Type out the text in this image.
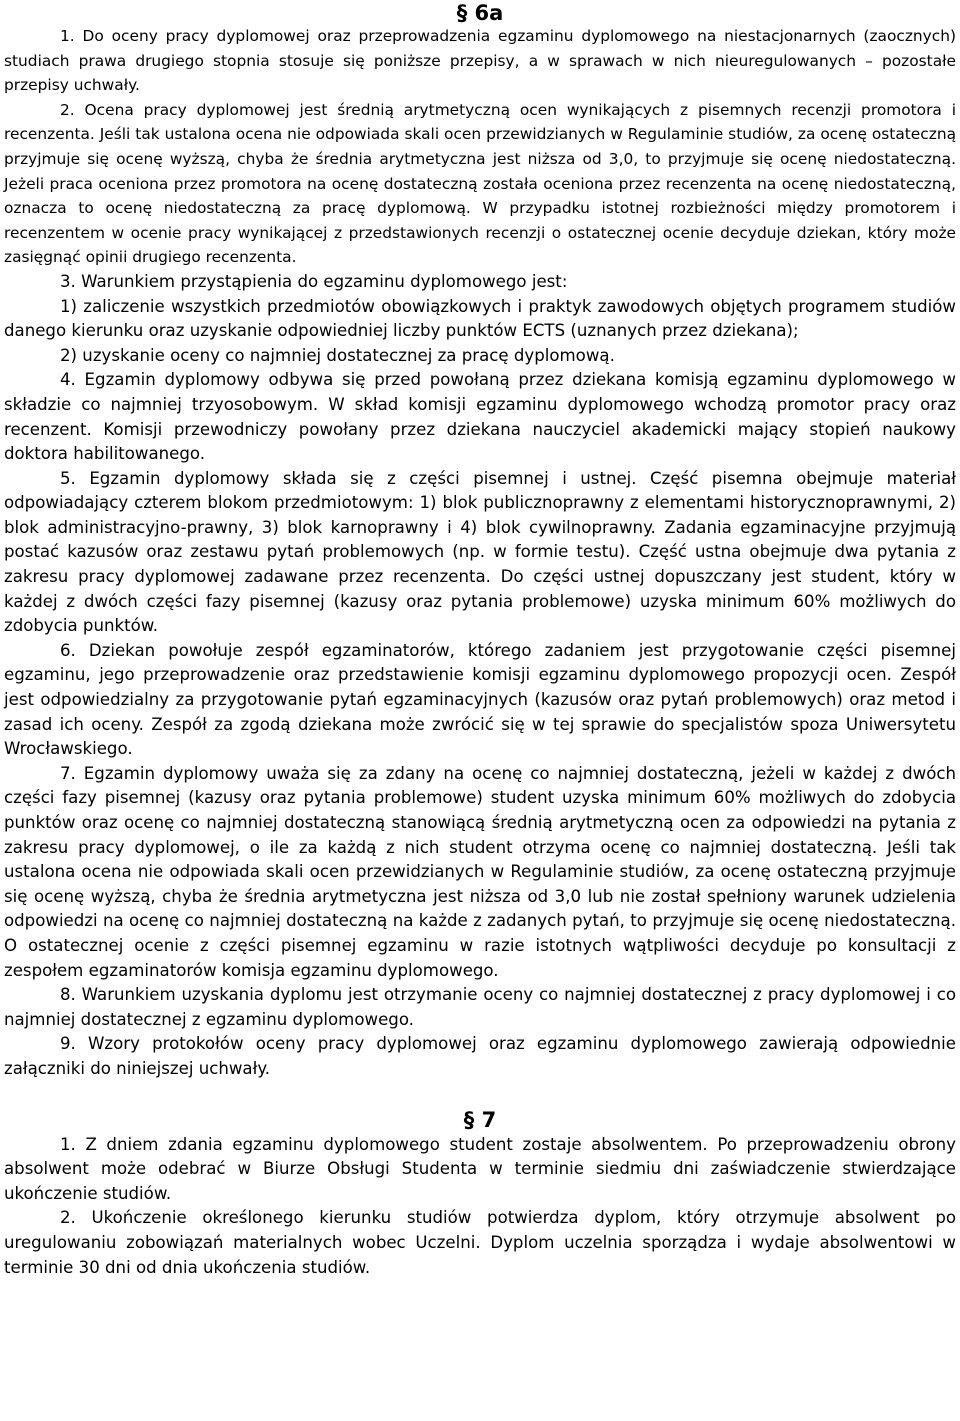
§ 6a

1. Do oceny pracy dyplomowej oraz przeprowadzenia egzaminu dyplomowego na niestacjonarnych (zaocznych) studiach prawa drugiego stopnia stosuje się poniższe przepisy, a w sprawach w nich nieuregulowanych – pozostałe przepisy uchwały.

2. Ocena pracy dyplomowej jest średnią arytmetyczną ocen wynikających z pisemnych recenzji promotora i recenzenta. Jeśli tak ustalona ocena nie odpowiada skali ocen przewidzianych w Regulaminie studiów, za ocenę ostateczną przyjmuje się ocenę wyższą, chyba że średnia arytmetyczna jest niższa od 3,0, to przyjmuje się ocenę niedostateczną. Jeżeli praca oceniona przez promotora na ocenę dostateczną została oceniona przez recenzenta na ocenę niedostateczną, oznacza to ocenę niedostateczną za pracę dyplomową. W przypadku istotnej rozbieżności między promotorem i recenzentem w ocenie pracy wynikającej z przedstawionych recenzji o ostatecznej ocenie decyduje dziekan, który może zasięgnąć opinii drugiego recenzenta.

3. Warunkiem przystąpienia do egzaminu dyplomowego jest:

1) zaliczenie wszystkich przedmiotów obowiązkowych i praktyk zawodowych objętych programem studiów danego kierunku oraz uzyskanie odpowiedniej liczby punktów ECTS (uznanych przez dziekana);

2) uzyskanie oceny co najmniej dostatecznej za pracę dyplomową.

4. Egzamin dyplomowy odbywa się przed powołaną przez dziekana komisją egzaminu dyplomowego w składzie co najmniej trzyosobowym. W skład komisji egzaminu dyplomowego wchodzą promotor pracy oraz recenzent. Komisji przewodniczy powołany przez dziekana nauczyciel akademicki mający stopień naukowy doktora habilitowanego.

5. Egzamin dyplomowy składa się z części pisemnej i ustnej. Część pisemna obejmuje materiał odpowiadający czterem blokom przedmiotowym: 1) blok publicznoprawny z elementami historycznoprawnymi, 2) blok administracyjno-prawny, 3) blok karnoprawny i 4) blok cywilnoprawny. Zadania egzaminacyjne przyjmują postać kazusów oraz zestawu pytań problemowych (np. w formie testu). Część ustna obejmuje dwa pytania z zakresu pracy dyplomowej zadawane przez recenzenta. Do części ustnej dopuszczany jest student, który w każdej z dwóch części fazy pisemnej (kazusy oraz pytania problemowe) uzyska minimum 60% możliwych do zdobycia punktów.

6. Dziekan powołuje zespół egzaminatorów, którego zadaniem jest przygotowanie części pisemnej egzaminu, jego przeprowadzenie oraz przedstawienie komisji egzaminu dyplomowego propozycji ocen. Zespół jest odpowiedzialny za przygotowanie pytań egzaminacyjnych (kazusów oraz pytań problemowych) oraz metod i zasad ich oceny. Zespół za zgodą dziekana może zwrócić się w tej sprawie do specjalistów spoza Uniwersytetu Wrocławskiego.

7. Egzamin dyplomowy uważa się za zdany na ocenę co najmniej dostateczną, jeżeli w każdej z dwóch części fazy pisemnej (kazusy oraz pytania problemowe) student uzyska minimum 60% możliwych do zdobycia punktów oraz ocenę co najmniej dostateczną stanowiącą średnią arytmetyczną ocen za odpowiedzi na pytania z zakresu pracy dyplomowej, o ile za każdą z nich student otrzyma ocenę co najmniej dostateczną. Jeśli tak ustalona ocena nie odpowiada skali ocen przewidzianych w Regulaminie studiów, za ocenę ostateczną przyjmuje się ocenę wyższą, chyba że średnia arytmetyczna jest niższa od 3,0 lub nie został spełniony warunek udzielenia odpowiedzi na ocenę co najmniej dostateczną na każde z zadanych pytań, to przyjmuje się ocenę niedostateczną. O ostatecznej ocenie z części pisemnej egzaminu w razie istotnych wątpliwości decyduje po konsultacji z zespołem egzaminatorów komisja egzaminu dyplomowego.

8. Warunkiem uzyskania dyplomu jest otrzymanie oceny co najmniej dostatecznej z pracy dyplomowej i co najmniej dostatecznej z egzaminu dyplomowego.

9. Wzory protokołów oceny pracy dyplomowej oraz egzaminu dyplomowego zawierają odpowiednie załączniki do niniejszej uchwały.

§ 7

1. Z dniem zdania egzaminu dyplomowego student zostaje absolwentem. Po przeprowadzeniu obrony absolwent może odebrać w Biurze Obsługi Studenta w terminie siedmiu dni zaświadczenie stwierdzające ukończenie studiów.

2. Ukończenie określonego kierunku studiów potwierdza dyplom, który otrzymuje absolwent po uregulowaniu zobowiązań materialnych wobec Uczelni. Dyplom uczelnia sporządza i wydaje absolwentowi w terminie 30 dni od dnia ukończenia studiów.
